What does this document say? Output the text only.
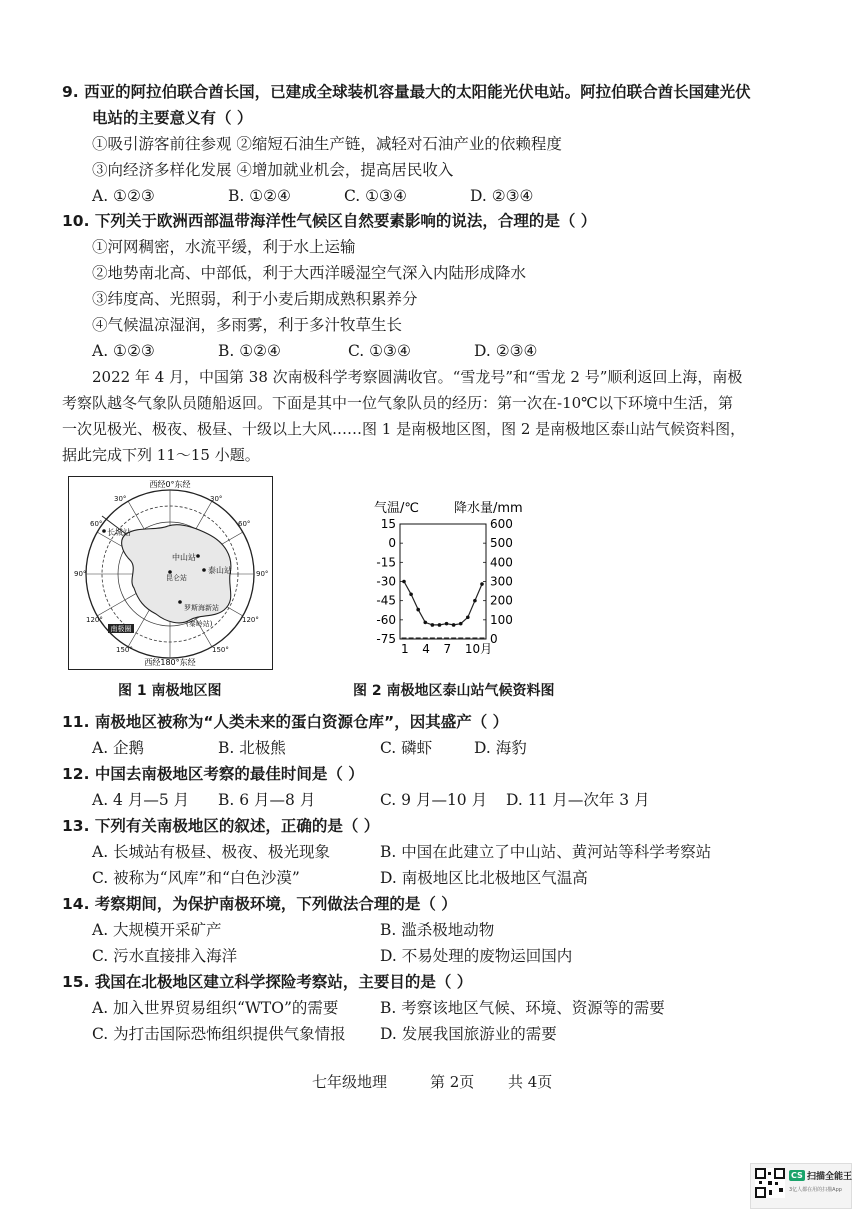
9. 西亚的阿拉伯联合酋长国，已建成全球装机容量最大的太阳能光伏电站。阿拉伯联合酋长国建光伏
电站的主要意义有（ ）
①吸引游客前往参观 ②缩短石油生产链，减轻对石油产业的依赖程度
③向经济多样化发展 ④增加就业机会，提高居民收入
A. ①②③	B. ①②④	C. ①③④	D. ②③④
10. 下列关于欧洲西部温带海洋性气候区自然要素影响的说法，合理的是（ ）
①河网稠密，水流平缓，利于水上运输
②地势南北高、中部低，利于大西洋暖湿空气深入内陆形成降水
③纬度高、光照弱，利于小麦后期成熟积累养分
④气候温凉湿润，多雨雾，利于多汁牧草生长
A. ①②③	B. ①②④	C. ①③④	D. ②③④
2022 年 4 月，中国第 38 次南极科学考察圆满收官。“雪龙号”和“雪龙 2 号”顺利返回上海，南极
考察队越冬气象队员随船返回。下面是其中一位气象队员的经历：第一次在-10℃以下环境中生活，第
一次见极光、极夜、极昼、十级以上大风……图 1 是南极地区图，图 2 是南极地区泰山站气候资料图，
据此完成下列 11～15 小题。
西经0°东经
西经180°东经
南极圈
30°	30°
60°	60°
90°	90°
120°	120°
150°	150°
长城站
中山站
昆仑站
泰山站
罗斯海新站
(秦岭站)
气温/℃	降水量/mm
15
0
-15
-30
-45
-60
-75
600
500
400
300
200
100
0
1 4 7 10月
图 1 南极地区图	图 2 南极地区泰山站气候资料图
11. 南极地区被称为“人类未来的蛋白资源仓库”，因其盛产（ ）
A. 企鹅	B. 北极熊	C. 磷虾	D. 海豹
12. 中国去南极地区考察的最佳时间是（ ）
A. 4 月—5 月 B. 6 月—8 月	C. 9 月—10 月 D. 11 月—次年 3 月
13. 下列有关南极地区的叙述，正确的是（ ）
A. 长城站有极昼、极夜、极光现象	B. 中国在此建立了中山站、黄河站等科学考察站
C. 被称为“风库”和“白色沙漠”	D. 南极地区比北极地区气温高
14. 考察期间，为保护南极环境，下列做法合理的是（ ）
A. 大规模开采矿产	B. 滥杀极地动物
C. 污水直接排入海洋	D. 不易处理的废物运回国内
15. 我国在北极地区建立科学探险考察站，主要目的是（ ）
A. 加入世界贸易组织“WTO”的需要	B. 考察该地区气候、环境、资源等的需要
C. 为打击国际恐怖组织提供气象情报 D. 发展我国旅游业的需要
七年级地理	第 2页 共 4页
CS 扫描全能王
3亿人都在用的扫描App
